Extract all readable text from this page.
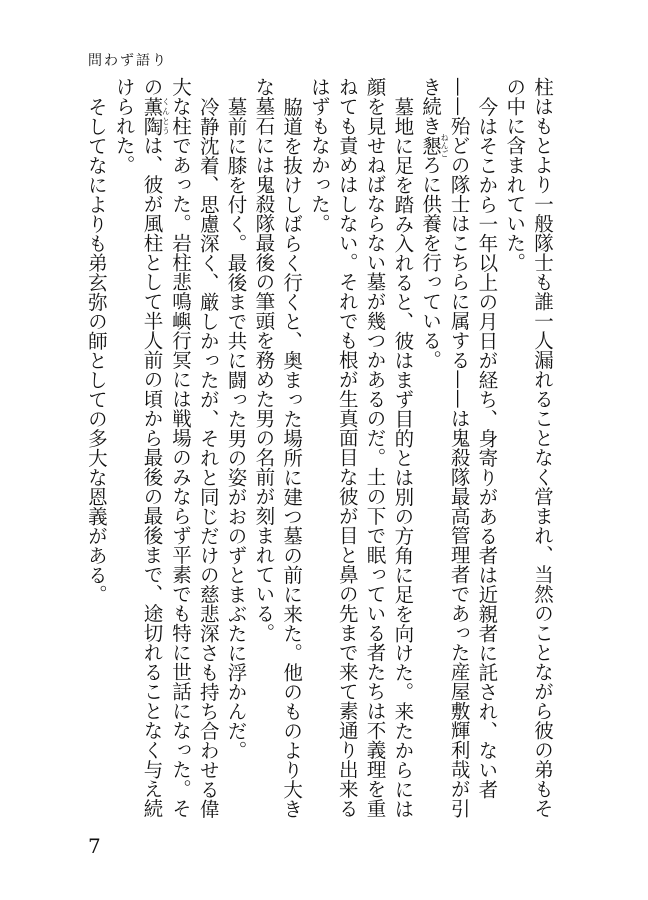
問わず語り

柱はもとより一般隊士も誰一人漏れることなく営まれ、当然のことながら彼の弟もその中に含まれていた。

今はそこから一年以上の月日が経ち、身寄りがある者は近親者に託され、ない者——殆どの隊士はこちらに属する——は鬼殺隊最高管理者であった産屋敷輝利哉が引き続き懇ねんごろに供養を行っている。

墓地に足を踏み入れると、彼はまず目的とは別の方角に足を向けた。来たからには顔を見せねばならない墓が幾つかあるのだ。土の下で眠っている者たちは不義理を重ねても責めはしない。それでも根が生真面目な彼が目と鼻の先まで来て素通り出来るはずもなかった。

脇道を抜けしばらく行くと、奥まった場所に建つ墓の前に来た。他のものより大きな墓石には鬼殺隊最後の筆頭を務めた男の名前が刻まれている。

墓前に膝を付く。最後まで共に闘った男の姿がおのずとまぶたに浮かんだ。

冷静沈着、思慮深く、厳しかったが、それと同じだけの慈悲深さも持ち合わせる偉大な柱であった。岩柱悲鳴嶼行冥には戦場のみならず平素でも特に世話になった。その薫陶くんとうは、彼が風柱として半人前の頃から最後の最後まで、途切れることなく与え続けられた。

そしてなによりも弟玄弥の師としての多大な恩義がある。

7
